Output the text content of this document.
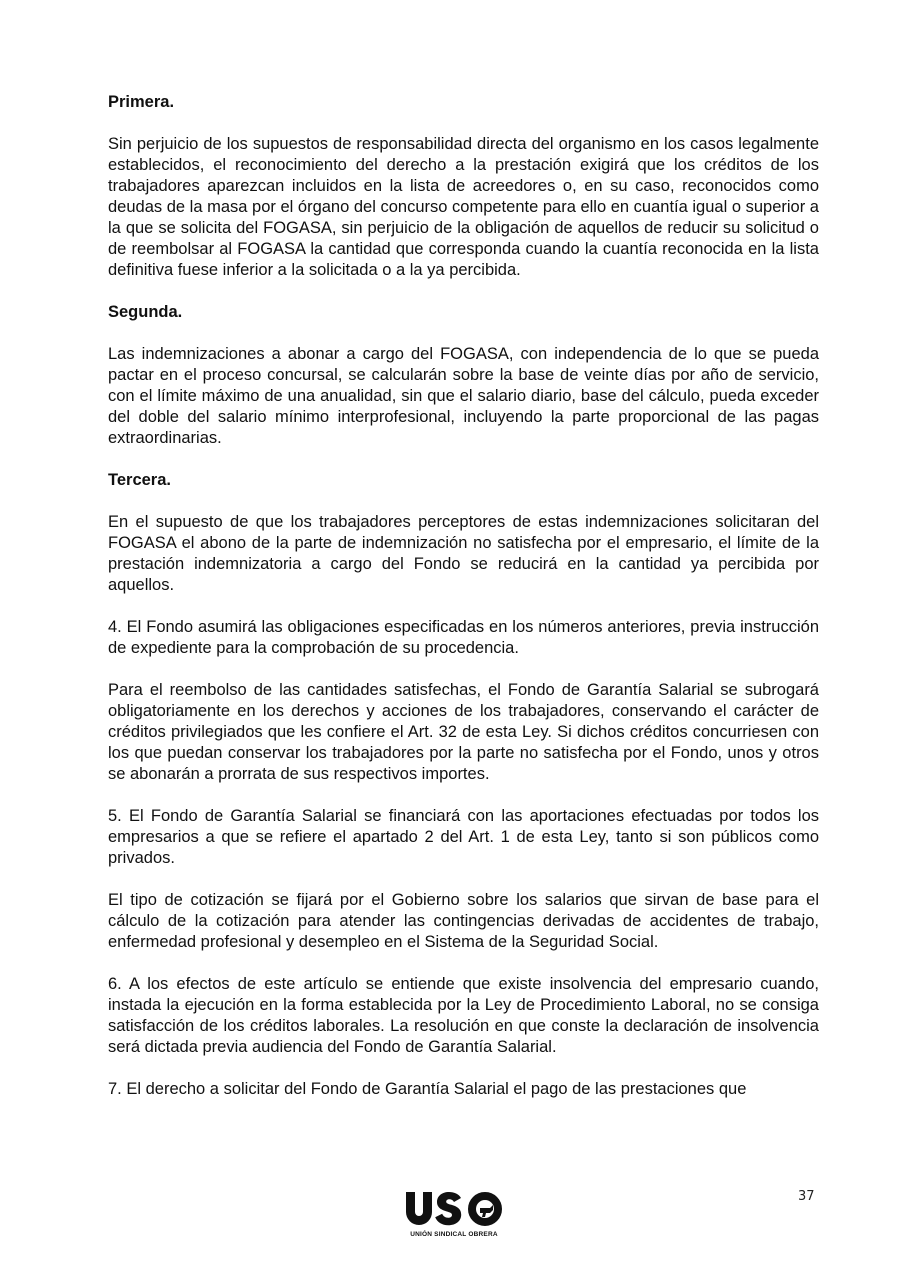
Primera.

Sin perjuicio de los supuestos de responsabilidad directa del organismo en los casos legalmente establecidos, el reconocimiento del derecho a la prestación exigirá que los créditos de los trabajadores aparezcan incluidos en la lista de acreedores o, en su caso, reconocidos como deudas de la masa por el órgano del concurso competente para ello en cuantía igual o superior a la que se solicita del FOGASA, sin perjuicio de la obligación de aquellos de reducir su solicitud o de reembolsar al FOGASA la cantidad que corresponda cuando la cuantía reconocida en la lista definitiva fuese inferior a la solicitada o a la ya percibida.

Segunda.

Las indemnizaciones a abonar a cargo del FOGASA, con independencia de lo que se pueda pactar en el proceso concursal, se calcularán sobre la base de veinte días por año de servicio, con el límite máximo de una anualidad, sin que el salario diario, base del cálculo, pueda exceder del doble del salario mínimo interprofesional, incluyendo la parte proporcional de las pagas extraordinarias.

Tercera.

En el supuesto de que los trabajadores perceptores de estas indemnizaciones solicitaran del FOGASA el abono de la parte de indemnización no satisfecha por el empresario, el límite de la prestación indemnizatoria a cargo del Fondo se reducirá en la cantidad ya percibida por aquellos.

4. El Fondo asumirá las obligaciones especificadas en los números anteriores, previa instrucción de expediente para la comprobación de su procedencia.

Para el reembolso de las cantidades satisfechas, el Fondo de Garantía Salarial se subrogará obligatoriamente en los derechos y acciones de los trabajadores, conservando el carácter de créditos privilegiados que les confiere el Art. 32 de esta Ley. Si dichos créditos concurriesen con los que puedan conservar los trabajadores por la parte no satisfecha por el Fondo, unos y otros se abonarán a prorrata de sus respectivos importes.

5. El Fondo de Garantía Salarial se financiará con las aportaciones efectuadas por todos los empresarios a que se refiere el apartado 2 del Art. 1 de esta Ley, tanto si son públicos como privados.

El tipo de cotización se fijará por el Gobierno sobre los salarios que sirvan de base para el cálculo de la cotización para atender las contingencias derivadas de accidentes de trabajo, enfermedad profesional y desempleo en el Sistema de la Seguridad Social.

6. A los efectos de este artículo se entiende que existe insolvencia del empresario cuando, instada la ejecución en la forma establecida por la Ley de Procedimiento Laboral, no se consiga satisfacción de los créditos laborales. La resolución en que conste la declaración de insolvencia será dictada previa audiencia del Fondo de Garantía Salarial.

7. El derecho a solicitar del Fondo de Garantía Salarial el pago de las prestaciones que

37
UNIÓN SINDICAL OBRERA
